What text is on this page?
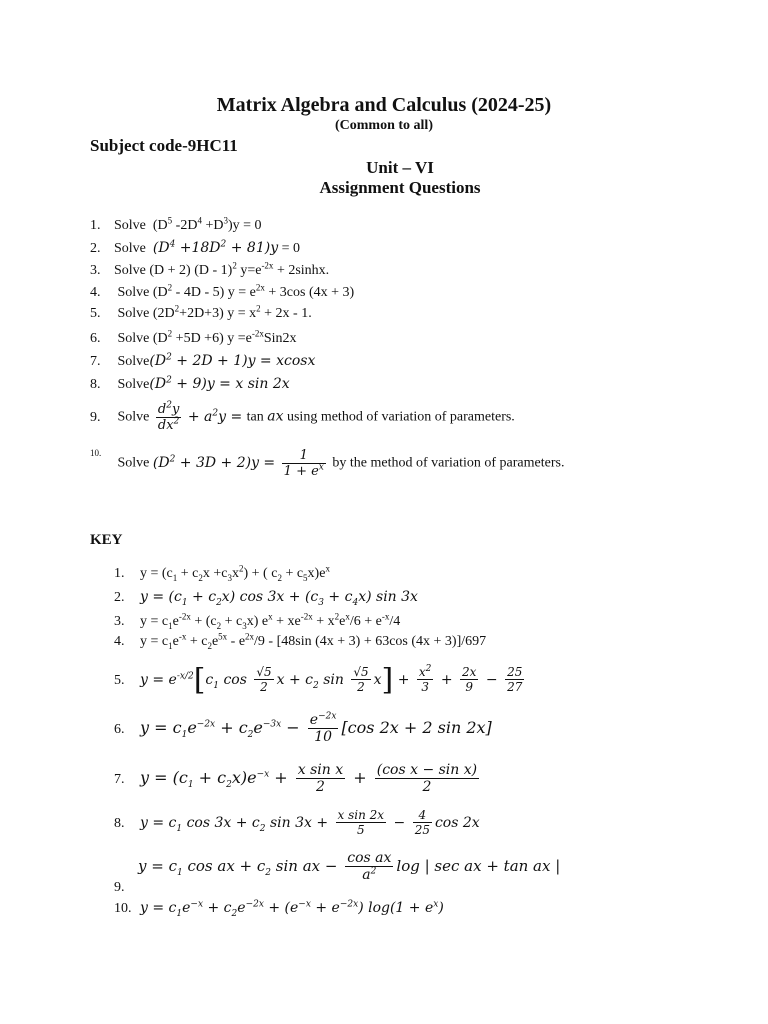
Matrix Algebra and Calculus (2024-25)
(Common to all)
Subject code-9HC11
Unit – VI
Assignment Questions
1. Solve  ($D^5$ $-2D^4 +D^3)y = 0$
2. Solve $(D^4 +18D^2 + 81)y = 0$
3. Solve (D + 2) (D - 1)$^2$ $y=e^{-2x} + 2\sinh x$.
4. Solve $(D^2 - 4D - 5) y = e^{2x} + 3\cos$ (4x + 3)
5. Solve $(2D^2+2D+3) y = x^2 + 2x - 1$.
6. Solve $(D^2 +5D +6)$ $y =e^{-2x}Sin2x$
7. $Solve(D^2 + 2D + 1)y = xcosx$
8. $Solve(D^2 + 9)y = x$ sin 2x
9. Solve $\frac{d^2y}{dx^2} + a^2y = \tan$ ax using method of variation of parameters.
10. Solve $(D^2 + 3D + 2)y = \frac{1}{1 + e^x}$ by the method of variation of parameters.
KEY
1. $y = (c_1 + c_2x +c_3x^2)$ + ( $c_2 + c_5x)e^x$
2. $y = (c_1 + c_2x)$ $\cos 3x + (c_3 + c_4x)$ sin 3x
3. $y = c_1e^{-2x} + (c_2 + c_3x) e^x + xe^{-2x} + x^2e^x/6 + e^{-x}/4$
4. $y = c_1e^{-x} + c_2e^{5x} - e^{2x}/9 - [48\sin$ (4x + 3) + 63cos (4x + 3)]/697
5. $y = e^{-x/2}[c_1$ $\cos \frac{√5}{2}$ $x + c_2$ $\sin \frac{√5}{2} x] + \frac{x^2}{3} + \frac{2x}{9} - \frac{25}{27}$
6. $y = c_1e^{-2x} + c_2e^{-3x} - \frac{e^{-2x}}{10} [\cos$ 2x + 2 sin 2x]
7. $y = (c_1 + c_2x)e^{-x} + \frac{\text{x sin x}}{2} + \frac{\text{(cos x − sin x)}}{2}$
8. $y = c_1$ $\cos 3x + c_2$ $\sin 3x + \frac{\text{x sin 2x}}{5} - \frac{4}{25}$ cos 2x
$y = c_1$ cos ax + $c_2$ sin ax − $\frac{\text{cos ax}}{a^2}$ log | sec ax + tan ax |
9.
10. $y = c_1e^{-x} + c_2e^{-2x} + (e^{-x} + e^{-2x}) \log(1 + e^x)$
